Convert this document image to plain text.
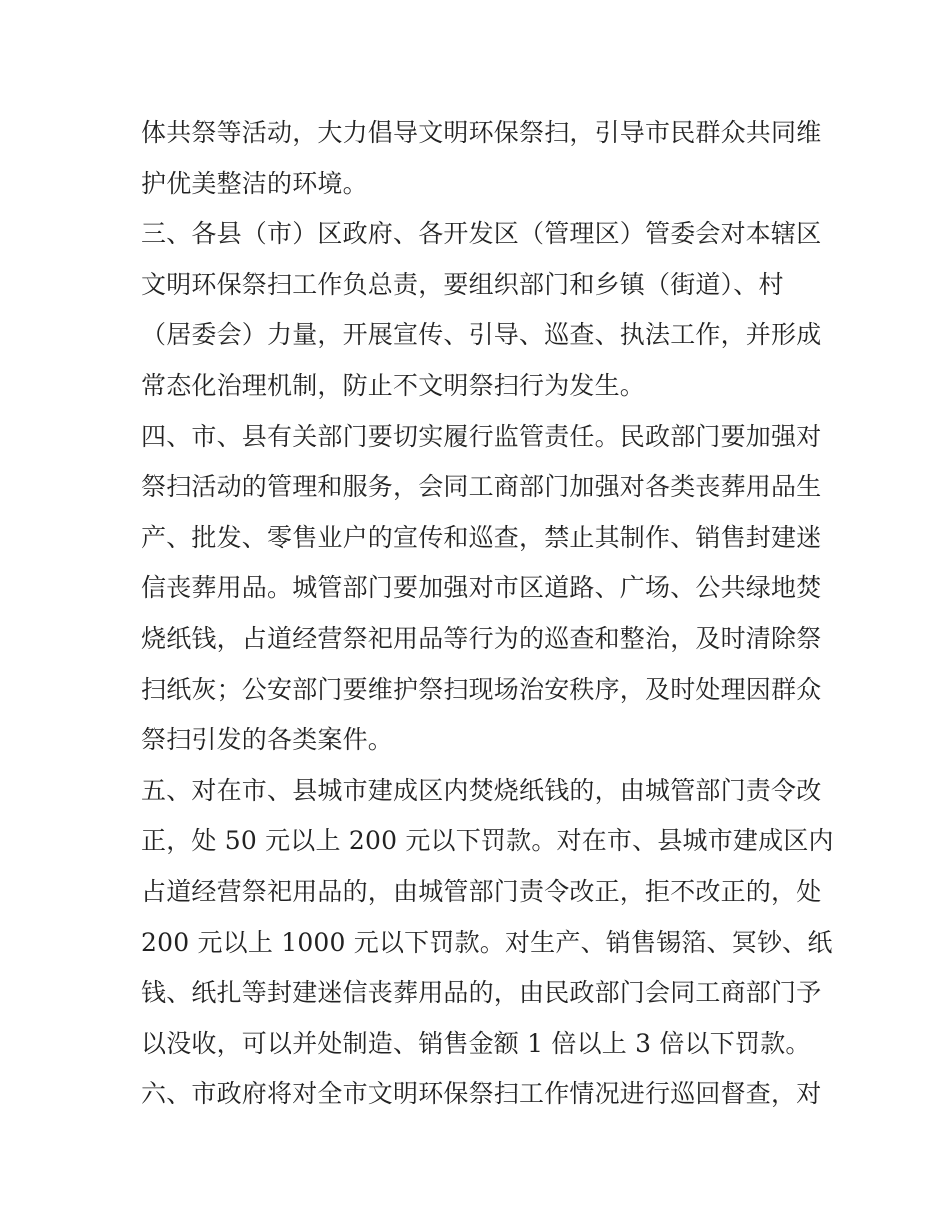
体共祭等活动，大力倡导文明环保祭扫，引导市民群众共同维
护优美整洁的环境。
三、各县（市）区政府、各开发区（管理区）管委会对本辖区
文明环保祭扫工作负总责，要组织部门和乡镇（街道）、村
（居委会）力量，开展宣传、引导、巡查、执法工作，并形成
常态化治理机制，防止不文明祭扫行为发生。
四、市、县有关部门要切实履行监管责任。民政部门要加强对
祭扫活动的管理和服务，会同工商部门加强对各类丧葬用品生
产、批发、零售业户的宣传和巡查，禁止其制作、销售封建迷
信丧葬用品。城管部门要加强对市区道路、广场、公共绿地焚
烧纸钱，占道经营祭祀用品等行为的巡查和整治，及时清除祭
扫纸灰；公安部门要维护祭扫现场治安秩序，及时处理因群众
祭扫引发的各类案件。
五、对在市、县城市建成区内焚烧纸钱的，由城管部门责令改
正，处 50 元以上 200 元以下罚款。对在市、县城市建成区内
占道经营祭祀用品的，由城管部门责令改正，拒不改正的，处
200 元以上 1000 元以下罚款。对生产、销售锡箔、冥钞、纸
钱、纸扎等封建迷信丧葬用品的，由民政部门会同工商部门予
以没收，可以并处制造、销售金额 1 倍以上 3 倍以下罚款。
六、市政府将对全市文明环保祭扫工作情况进行巡回督查，对
